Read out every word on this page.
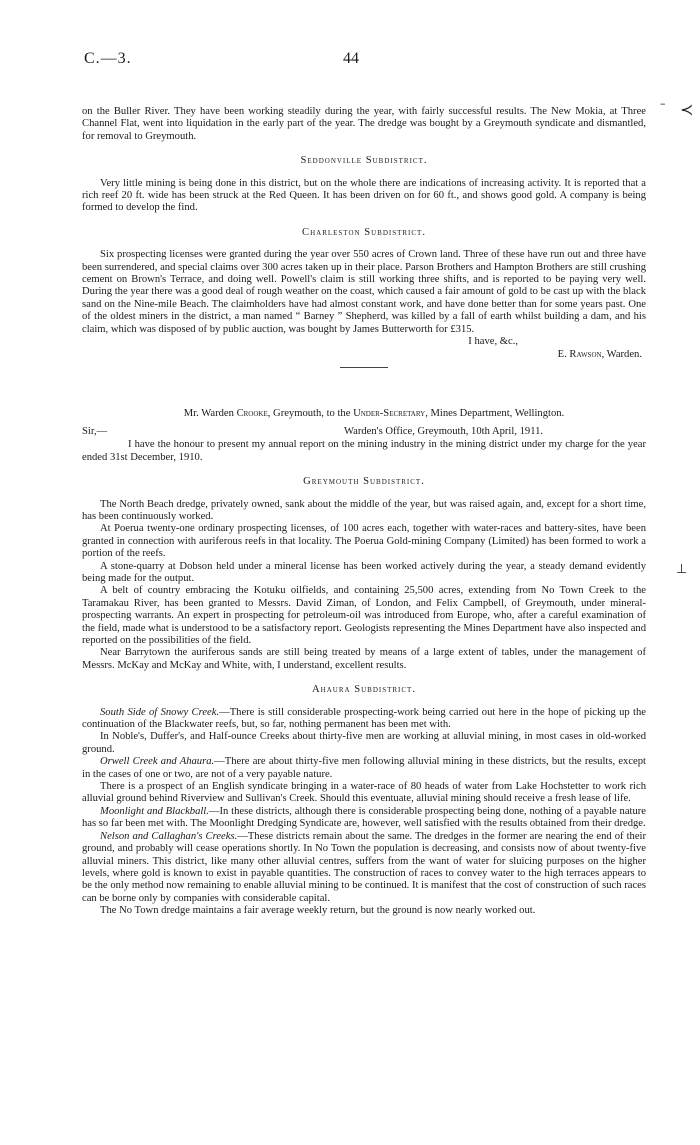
C.—3.	44
– ≺
⊥

on the Buller River. They have been working steadily during the year, with fairly successful results. The New Mokia, at Three Channel Flat, went into liquidation in the early part of the year. The dredge was bought by a Greymouth syndicate and dismantled, for removal to Greymouth.

Seddonville Subdistrict.

Very little mining is being done in this district, but on the whole there are indications of increasing activity. It is reported that a rich reef 20 ft. wide has been struck at the Red Queen. It has been driven on for 60 ft., and shows good gold. A company is being formed to develop the find.

Charleston Subdistrict.

Six prospecting licenses were granted during the year over 550 acres of Crown land. Three of these have run out and three have been surrendered, and special claims over 300 acres taken up in their place. Parson Brothers and Hampton Brothers are still crushing cement on Brown's Terrace, and doing well. Powell's claim is still working three shifts, and is reported to be paying very well. During the year there was a good deal of rough weather on the coast, which caused a fair amount of gold to be cast up with the black sand on the Nine-mile Beach. The claimholders have had almost constant work, and have done better than for some years past. One of the oldest miners in the district, a man named “ Barney ” Shepherd, was killed by a fall of earth whilst building a dam, and his claim, which was disposed of by public auction, was bought by James Butterworth for £315.

I have, &c.,
E. Rawson, Warden.
Mr. Warden Crooke, Greymouth, to the Under-Secretary, Mines Department, Wellington.
Sir,—	Warden's Office, Greymouth, 10th April, 1911.

I have the honour to present my annual report on the mining industry in the mining district under my charge for the year ended 31st December, 1910.

Greymouth Subdistrict.

The North Beach dredge, privately owned, sank about the middle of the year, but was raised again, and, except for a short time, has been continuously worked.

At Poerua twenty-one ordinary prospecting licenses, of 100 acres each, together with water-races and battery-sites, have been granted in connection with auriferous reefs in that locality. The Poerua Gold-mining Company (Limited) has been formed to work a portion of the reefs.

A stone-quarry at Dobson held under a mineral license has been worked actively during the year, a steady demand evidently being made for the output.

A belt of country embracing the Kotuku oilfields, and containing 25,500 acres, extending from No Town Creek to the Taramakau River, has been granted to Messrs. David Ziman, of London, and Felix Campbell, of Greymouth, under mineral-prospecting warrants. An expert in prospecting for petroleum-oil was introduced from Europe, who, after a careful examination of the field, made what is understood to be a satisfactory report. Geologists representing the Mines Department have also inspected and reported on the possibilities of the field.

Near Barrytown the auriferous sands are still being treated by means of a large extent of tables, under the management of Messrs. McKay and McKay and White, with, I understand, excellent results.

Ahaura Subdistrict.

South Side of Snowy Creek.—There is still considerable prospecting-work being carried out here in the hope of picking up the continuation of the Blackwater reefs, but, so far, nothing permanent has been met with.

In Noble's, Duffer's, and Half-ounce Creeks about thirty-five men are working at alluvial mining, in most cases in old-worked ground.

Orwell Creek and Ahaura.—There are about thirty-five men following alluvial mining in these districts, but the results, except in the cases of one or two, are not of a very payable nature.

There is a prospect of an English syndicate bringing in a water-race of 80 heads of water from Lake Hochstetter to work rich alluvial ground behind Riverview and Sullivan's Creek. Should this eventuate, alluvial mining should receive a fresh lease of life.

Moonlight and Blackball.—In these districts, although there is considerable prospecting being done, nothing of a payable nature has so far been met with. The Moonlight Dredging Syndicate are, however, well satisfied with the results obtained from their dredge.

Nelson and Callaghan's Creeks.—These districts remain about the same. The dredges in the former are nearing the end of their ground, and probably will cease operations shortly. In No Town the population is decreasing, and consists now of about twenty-five alluvial miners. This district, like many other alluvial centres, suffers from the want of water for sluicing purposes on the higher levels, where gold is known to exist in payable quantities. The construction of races to convey water to the high terraces appears to be the only method now remaining to enable alluvial mining to be continued. It is manifest that the cost of construction of such races can be borne only by companies with considerable capital.

The No Town dredge maintains a fair average weekly return, but the ground is now nearly worked out.
